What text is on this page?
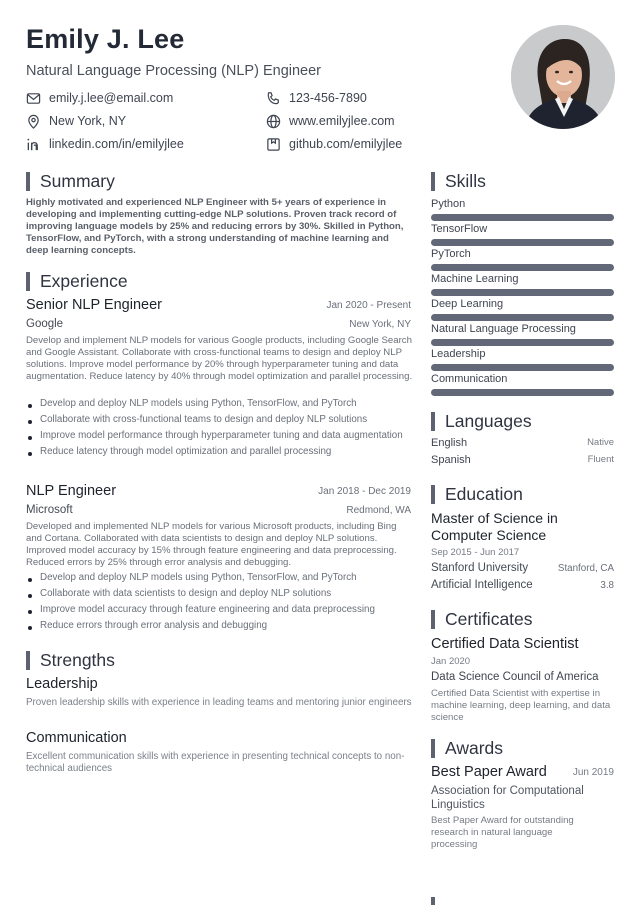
Emily J. Lee
Natural Language Processing (NLP) Engineer
emily.j.lee@email.com	123-456-7890
New York, NY	www.emilyjlee.com
linkedin.com/in/emilyjlee	github.com/emilyjlee
Summary
Highly motivated and experienced NLP Engineer with 5+ years of experience in developing and implementing cutting-edge NLP solutions. Proven track record of improving language models by 25% and reducing errors by 30%. Skilled in Python, TensorFlow, and PyTorch, with a strong understanding of machine learning and deep learning concepts.
Experience
Senior NLP Engineer	Jan 2020 - Present
Google	New York, NY
Develop and implement NLP models for various Google products, including Google Search and Google Assistant. Collaborate with cross-functional teams to design and deploy NLP solutions. Improve model performance by 20% through hyperparameter tuning and data augmentation. Reduce latency by 40% through model optimization and parallel processing.
Develop and deploy NLP models using Python, TensorFlow, and PyTorch
Collaborate with cross-functional teams to design and deploy NLP solutions
Improve model performance through hyperparameter tuning and data augmentation
Reduce latency through model optimization and parallel processing
NLP Engineer	Jan 2018 - Dec 2019
Microsoft	Redmond, WA
Developed and implemented NLP models for various Microsoft products, including Bing and Cortana. Collaborated with data scientists to design and deploy NLP solutions. Improved model accuracy by 15% through feature engineering and data preprocessing. Reduced errors by 25% through error analysis and debugging.
Develop and deploy NLP models using Python, TensorFlow, and PyTorch
Collaborate with data scientists to design and deploy NLP solutions
Improve model accuracy through feature engineering and data preprocessing
Reduce errors through error analysis and debugging
Strengths
Leadership
Proven leadership skills with experience in leading teams and mentoring junior engineers
Communication
Excellent communication skills with experience in presenting technical concepts to non-technical audiences
Skills
Python
TensorFlow
PyTorch
Machine Learning
Deep Learning
Natural Language Processing
Leadership
Communication
Languages
English	Native
Spanish	Fluent
Education
Master of Science in Computer Science
Sep 2015 - Jun 2017
Stanford University	Stanford, CA
Artificial Intelligence	3.8
Certificates
Certified Data Scientist
Jan 2020
Data Science Council of America
Certified Data Scientist with expertise in machine learning, deep learning, and data science
Awards
Best Paper Award	Jun 2019
Association for Computational Linguistics
Best Paper Award for outstanding research in natural language processing
